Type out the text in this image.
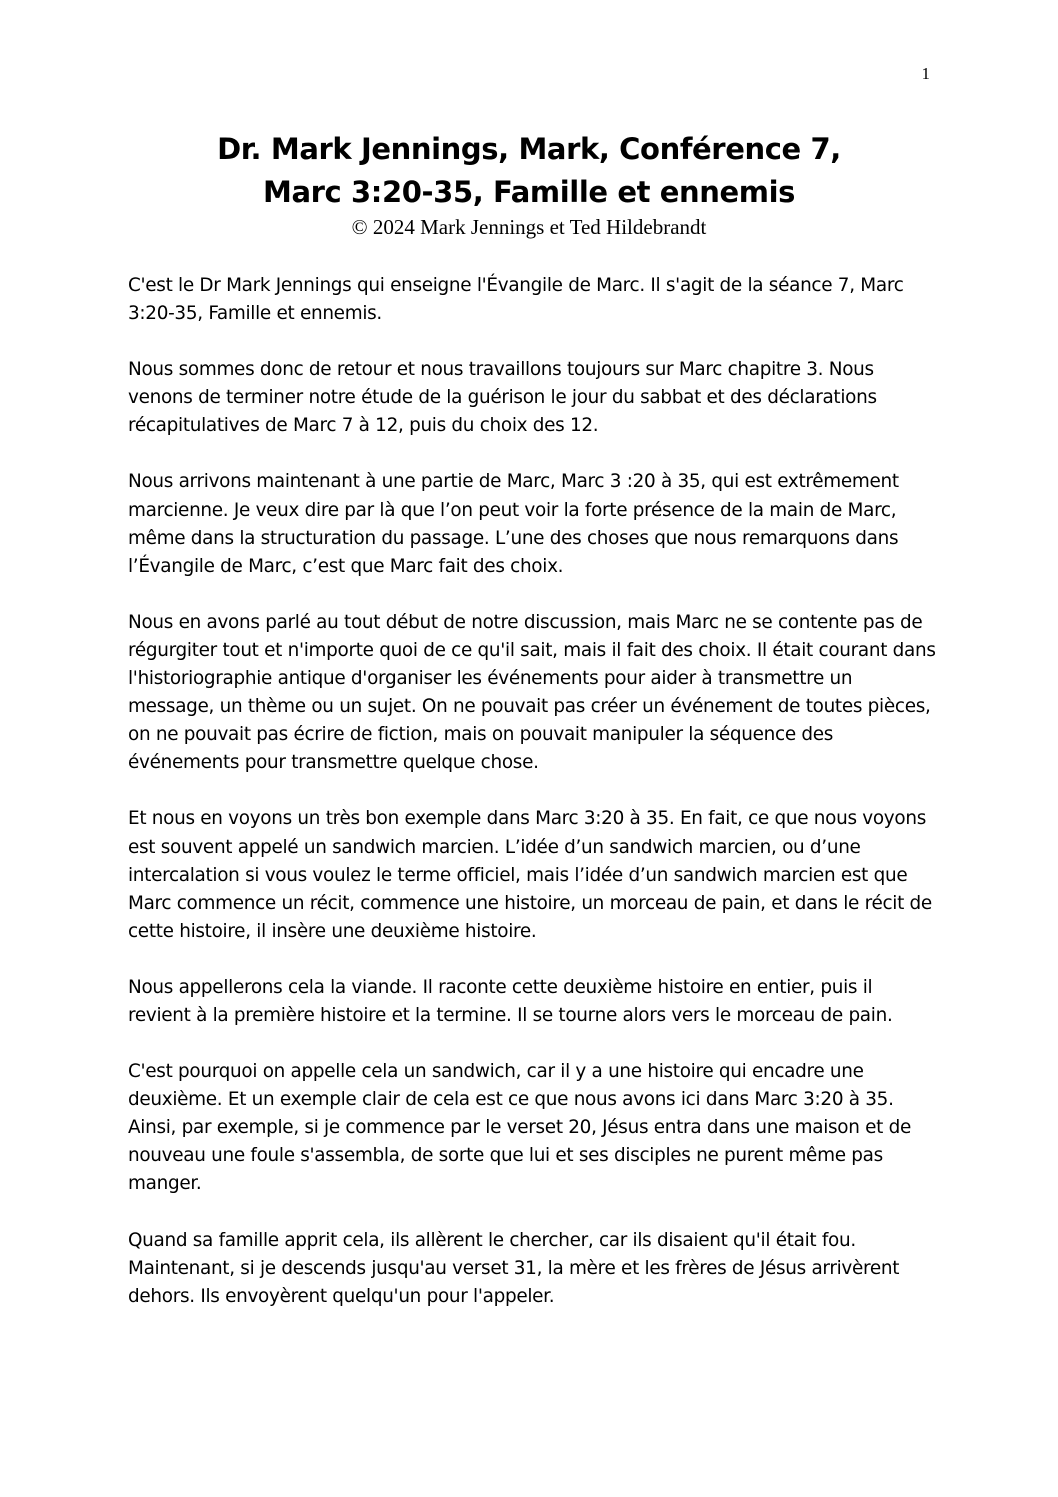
1
Dr. Mark Jennings, Mark, Conférence 7,
Marc 3:20-35, Famille et ennemis
© 2024 Mark Jennings et Ted Hildebrandt

C'est le Dr Mark Jennings qui enseigne l'Évangile de Marc. Il s'agit de la séance 7, Marc 3:20-35, Famille et ennemis.

Nous sommes donc de retour et nous travaillons toujours sur Marc chapitre 3. Nous venons de terminer notre étude de la guérison le jour du sabbat et des déclarations récapitulatives de Marc 7 à 12, puis du choix des 12.

Nous arrivons maintenant à une partie de Marc, Marc 3 :20 à 35, qui est extrêmement marcienne. Je veux dire par là que l’on peut voir la forte présence de la main de Marc, même dans la structuration du passage. L’une des choses que nous remarquons dans l’Évangile de Marc, c’est que Marc fait des choix.

Nous en avons parlé au tout début de notre discussion, mais Marc ne se contente pas de régurgiter tout et n'importe quoi de ce qu'il sait, mais il fait des choix. Il était courant dans l'historiographie antique d'organiser les événements pour aider à transmettre un message, un thème ou un sujet. On ne pouvait pas créer un événement de toutes pièces, on ne pouvait pas écrire de fiction, mais on pouvait manipuler la séquence des événements pour transmettre quelque chose.

Et nous en voyons un très bon exemple dans Marc 3:20 à 35. En fait, ce que nous voyons est souvent appelé un sandwich marcien. L’idée d’un sandwich marcien, ou d’une intercalation si vous voulez le terme officiel, mais l’idée d’un sandwich marcien est que Marc commence un récit, commence une histoire, un morceau de pain, et dans le récit de cette histoire, il insère une deuxième histoire.

Nous appellerons cela la viande. Il raconte cette deuxième histoire en entier, puis il revient à la première histoire et la termine. Il se tourne alors vers le morceau de pain.

C'est pourquoi on appelle cela un sandwich, car il y a une histoire qui encadre une deuxième. Et un exemple clair de cela est ce que nous avons ici dans Marc 3:20 à 35. Ainsi, par exemple, si je commence par le verset 20, Jésus entra dans une maison et de nouveau une foule s'assembla, de sorte que lui et ses disciples ne purent même pas manger.

Quand sa famille apprit cela, ils allèrent le chercher, car ils disaient qu'il était fou. Maintenant, si je descends jusqu'au verset 31, la mère et les frères de Jésus arrivèrent dehors. Ils envoyèrent quelqu'un pour l'appeler.
